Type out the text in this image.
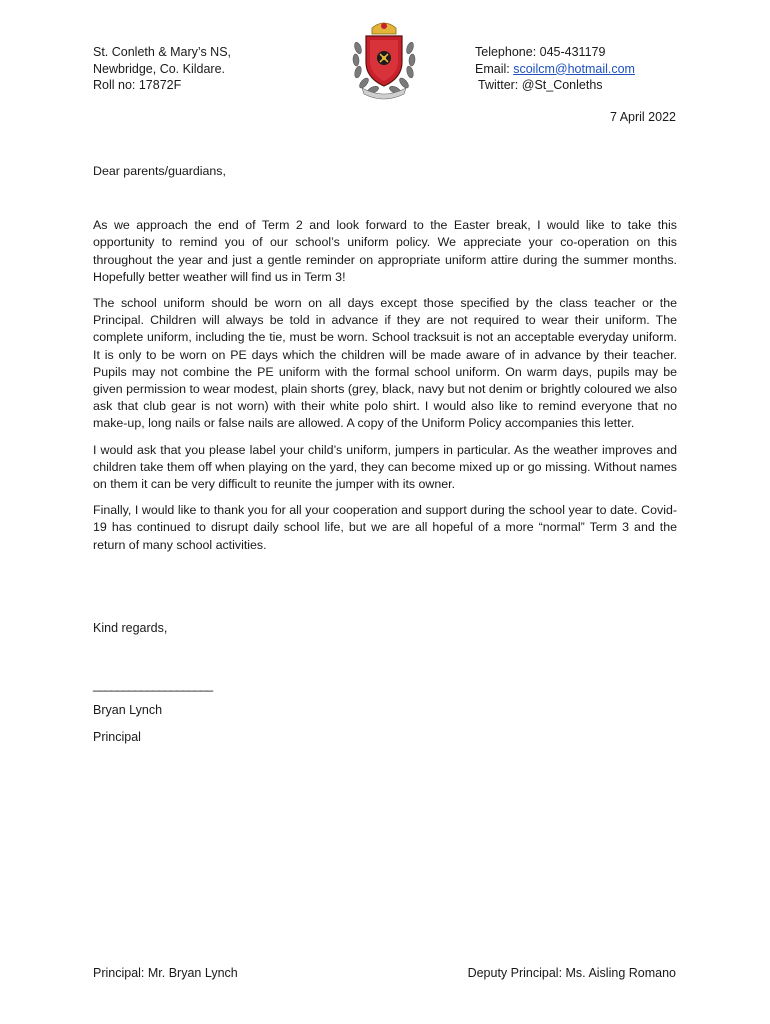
St. Conleth & Mary’s NS,
Newbridge, Co. Kildare.
Roll no: 17872F
Telephone: 045-431179
Email: scoilcm@hotmail.com
Twitter: @St_Conleths
7 April 2022

Dear parents/guardians,

As we approach the end of Term 2 and look forward to the Easter break, I would like to take this opportunity to remind you of our school’s uniform policy. We appreciate your co-operation on this throughout the year and just a gentle reminder on appropriate uniform attire during the summer months. Hopefully better weather will find us in Term 3!

The school uniform should be worn on all days except those specified by the class teacher or the Principal. Children will always be told in advance if they are not required to wear their uniform. The complete uniform, including the tie, must be worn. School tracksuit is not an acceptable everyday uniform. It is only to be worn on PE days which the children will be made aware of in advance by their teacher. Pupils may not combine the PE uniform with the formal school uniform. On warm days, pupils may be given permission to wear modest, plain shorts (grey, black, navy but not denim or brightly coloured we also ask that club gear is not worn) with their white polo shirt. I would also like to remind everyone that no make-up, long nails or false nails are allowed. A copy of the Uniform Policy accompanies this letter.

I would ask that you please label your child’s uniform, jumpers in particular. As the weather improves and children take them off when playing on the yard, they can become mixed up or go missing. Without names on them it can be very difficult to reunite the jumper with its owner.

Finally, I would like to thank you for all your cooperation and support during the school year to date. Covid-19 has continued to disrupt daily school life, but we are all hopeful of a more “normal” Term 3 and the return of many school activities.

Kind regards,
____________________
Bryan Lynch
Principal
Principal: Mr. Bryan Lynch	Deputy Principal: Ms. Aisling Romano
